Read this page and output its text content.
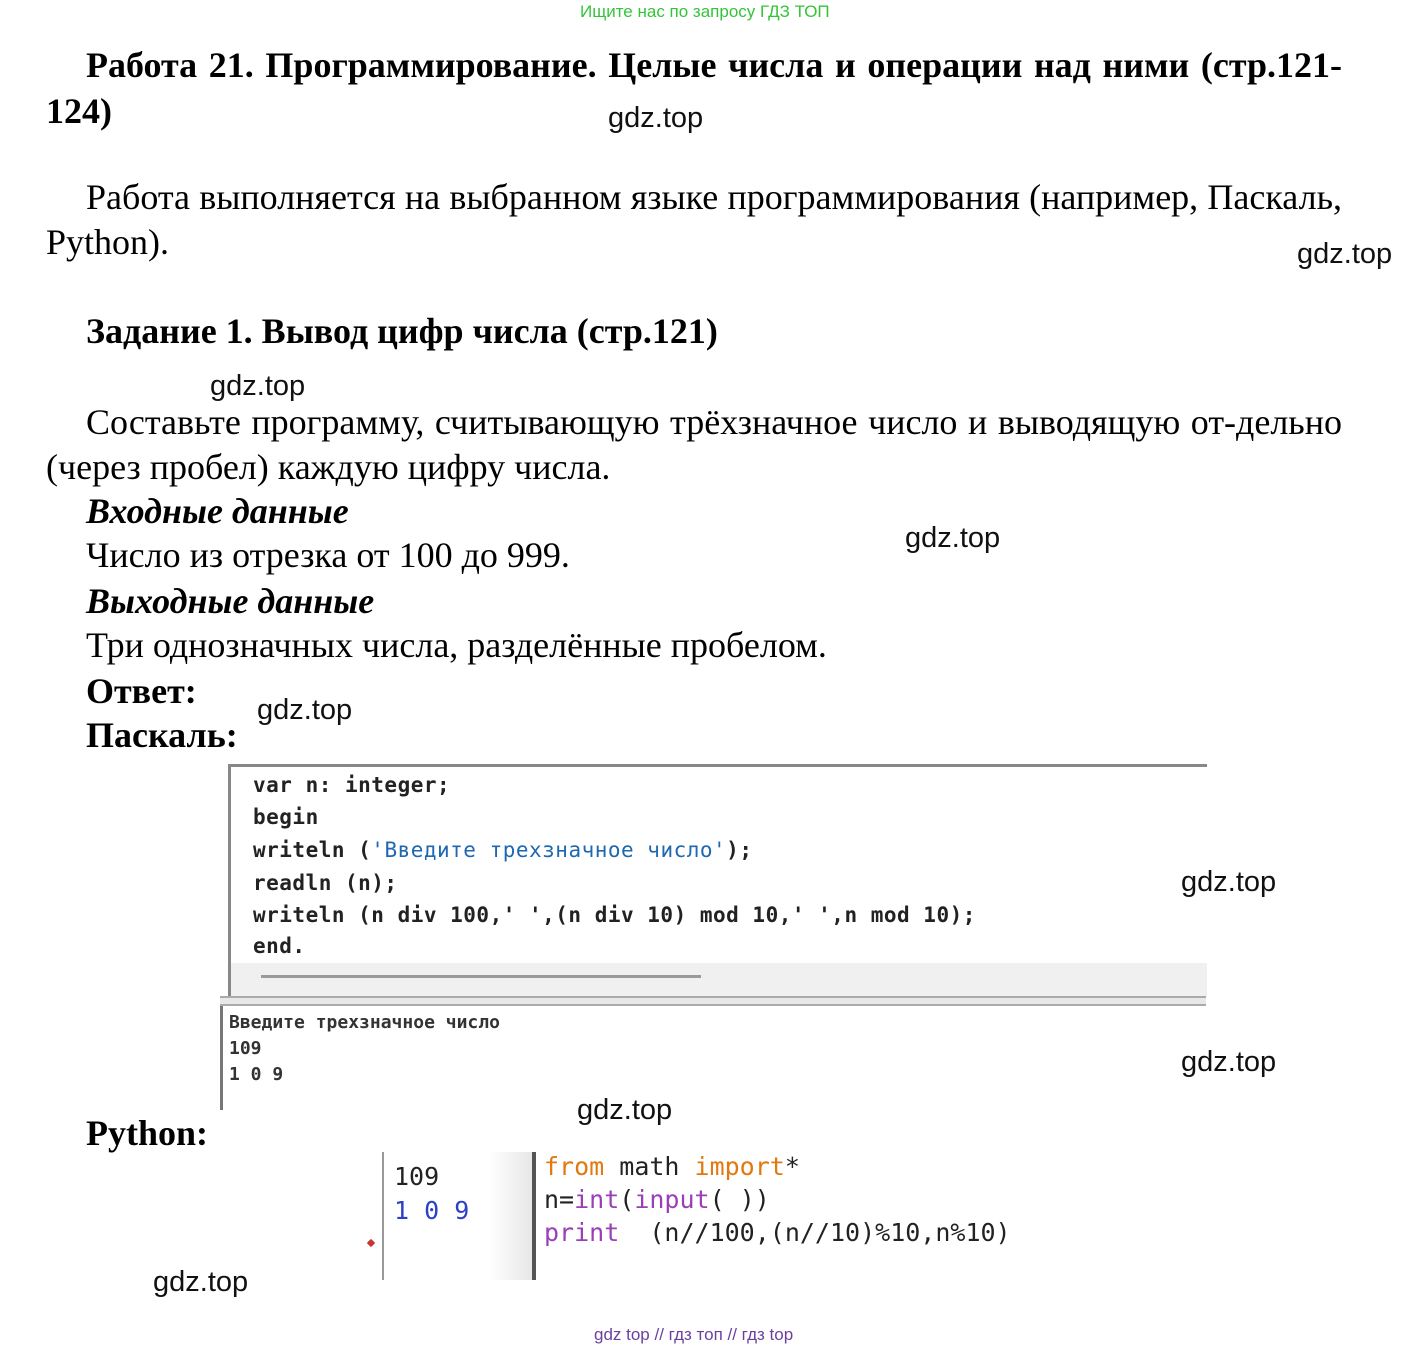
Ищите нас по запросу ГДЗ ТОП
Работа 21. Программирование. Целые числа и операции над ними (стр.121-124)
Работа выполняется на выбранном языке программирования (например, Паскаль, Python).
Задание 1. Вывод цифр числа (стр.121)
Составьте программу, считывающую трёхзначное число и выводящую от-дельно (через пробел) каждую цифру числа.
Входные данные
Число из отрезка от 100 до 999.
Выходные данные
Три однозначных числа, разделённые пробелом.
Ответ:
Паскаль:
var n: integer;
begin
writeln ('Введите трехзначное число');
readln (n);
writeln (n div 100,' ',(n div 10) mod 10,' ',n mod 10);
end.
Введите трехзначное число
109
1 0 9
Python:
109
1 0 9
from math import*
n=int(input( ))
print  (n//100,(n//10)%10,n%10)
gdz.top
gdz.top
gdz.top
gdz.top
gdz.top
gdz.top
gdz.top
gdz.top
gdz.top
gdz top // гдз топ // гдз top
